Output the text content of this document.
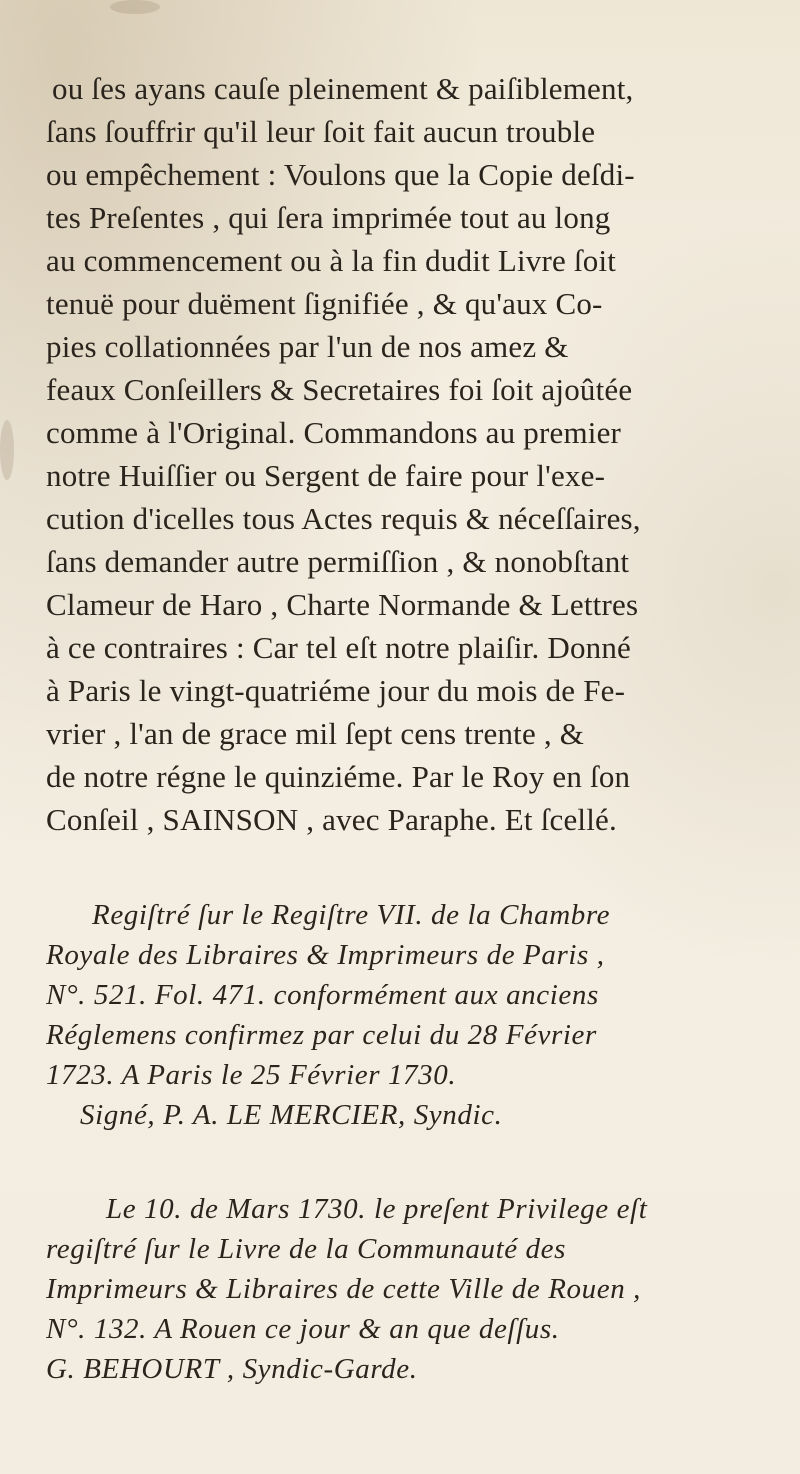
ou ſes ayans cauſe pleinement & paiſiblement,
ſans ſouffrir qu'il leur ſoit fait aucun trouble
ou empêchement : Voulons que la Copie deſdi-
tes Preſentes , qui ſera imprimée tout au long
au commencement ou à la fin dudit Livre ſoit
tenuë pour duëment ſignifiée , & qu'aux Co-
pies collationnées par l'un de nos amez &
feaux Conſeillers & Secretaires foi ſoit ajoûtée
comme à l'Original. Commandons au premier
notre Huiſſier ou Sergent de faire pour l'exe-
cution d'icelles tous Actes requis & néceſſaires,
ſans demander autre permiſſion , & nonobſtant
Clameur de Haro , Charte Normande & Lettres
à ce contraires : Car tel eſt notre plaiſir. Donné
à Paris le vingt-quatriéme jour du mois de Fe-
vrier , l'an de grace mil ſept cens trente , &
de notre régne le quinziéme. Par le Roy en ſon
Conſeil , SAINSON , avec Paraphe. Et ſcellé.
Regiſtré ſur le Regiſtre VII. de la Chambre
Royale des Libraires & Imprimeurs de Paris ,
N°. 521. Fol. 471. conformément aux anciens
Réglemens confirmez par celui du 28 Février
1723. A Paris le 25 Février 1730.
Signé, P. A. LE MERCIER, Syndic.
Le 10. de Mars 1730. le preſent Privilege eſt
regiſtré ſur le Livre de la Communauté des
Imprimeurs & Libraires de cette Ville de Rouen ,
N°. 132. A Rouen ce jour & an que deſſus.
G. BEHOURT , Syndic-Garde.
